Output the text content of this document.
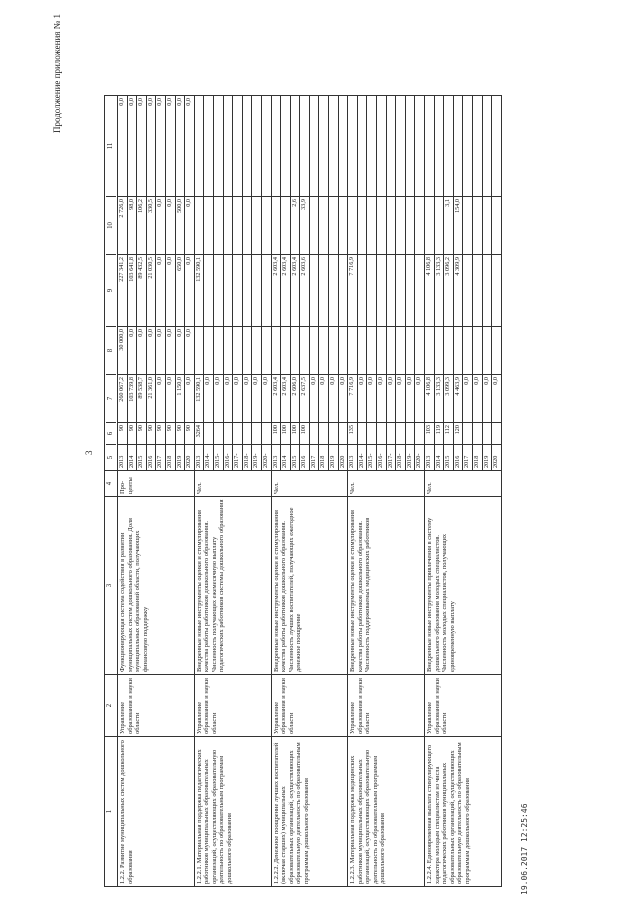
Продолжение приложения № 1
3
1
2
3
4
5
6
7
8
9
10
11
1.2.2. Развитие муниципальных систем дошкольного образования
Управление образования и науки области
Функционирующая система содействия в развитии муниципальных систем дошкольного образования. Доля муниципальных образований области, получающих финансовую поддержку
Про-центы
2013
90
260 067,2
30 000,0
227 341,2
2 726,0
0,0
2014
90
103 739,8
0,0
103 641,8
98,0
0,0
2015
90
89 538,7
0,0
89 432,5
106,2
0,0
2016
90
21 361,0
0,0
21 030,5
330,5
0,0
2017
90
0,0
0,0
0,0
0,0
0,0
2018
90
0,0
0,0
0,0
0,0
0,0
2019
90
1 150,0
0,0
650,0
500,0
0,0
2020
90
0,0
0,0
0,0
0,0
0,0
1.2.2.1. Материальная поддержка педагогических работников муниципальных образовательных организаций, осуществляющих образовательную деятельность по образовательным программам дошкольного образования
Управление образования и науки области
Внедренные новые инструменты оценки и стимулирования качества работы работников дошкольного образования. Численность получающих ежемесячную выплату педагогических работников системы дошкольного образования
Чел.
2013
3264
132 590,1
132 590,1
2014-
0,0
2015-
0,0
2016-
0,0
2017-
0,0
2018-
0,0
2019-
0,0
2020-
0,0
1.2.2.2. Денежное поощрение лучших воспитателей (включая старших) муниципальных образовательных организаций, осуществляющих образовательную деятельность по образовательным программам дошкольного образования
Управление образования и науки области
Внедренные новые инструменты оценки и стимулирования качества работы работников дошкольного образования. Численность лучших воспитателей, получающих ежегодное денежное поощрение
Чел.
2013
100
2 603,4
2 603,4
2014
100
2 603,4
2 603,4
2015
100
2 606,0
2 603,4
2,6
2016
100
2 637,5
2 603,6
33,9
2017
0,0
2018
0,0
2019
0,0
2020
0,0
1.2.2.3. Материальная поддержка медицинских работников муниципальных образовательных организаций, осуществляющих образовательную деятельность по образовательным программам дошкольного образования
Управление образования и науки области
Внедренные новые инструменты оценки и стимулирования качества работы работников дошкольного образования. Численность поддерживаемых медицинских работников
Чел.
2013
135
7 716,9
7 716,9
2014-
0,0
2015-
0,0
2016-
0,0
2017-
0,0
2018-
0,0
2019-
0,0
2020-
0,0
1.2.2.4. Единовременная выплата стимулирующего характера молодым специалистам из числа педагогических работников муниципальных образовательных организаций, осуществляющих образовательную деятельность по образовательным программам дошкольного образования
Управление образования и науки области
Внедренные новые инструменты привлечения в систему дошкольного образования молодых специалистов. Численность молодых специалистов, получающих единовременную выплату
Чел.
2013
103
4 106,8
4 106,8
2014
119
3 133,3
3 133,3
2015
112
3 099,3
3 096,2
3,1
2016
120
4 463,9
4 309,9
154,0
2017
0,0
2018
0,0
2019
0,0
2020
0,0
19.06.2017 12:25:46
